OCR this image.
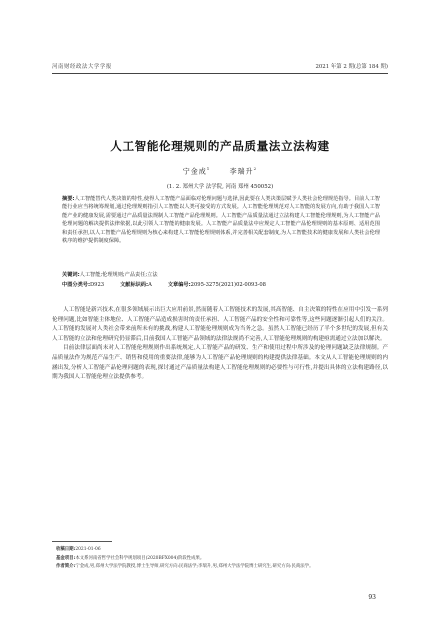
河南财经政法大学学报	2021 年第 2 期(总第 184 期)
人工智能伦理规则的产品质量法立法构建
宁金成$^1$	李瑞升$^2$
(1. 2. 郑州大学 法学院, 河南 郑州 450052)
摘要:人工智能替代人类决策的特性,使得人工智能产品面临对伦理问题与选择,因此要在人类决策层赋予人类社会伦理规范指导。目前人工智能行业应当将统筹规划,通过伦理规则指引人工智能以人类可接受的方式发展。人工智能伦理规范对人工智能的发展方向,有助于我国人工智能产业的健康发展,需要通过产品质量法规制人工智能产品伦理规则。人工智能产品质量法通过立法构建人工智能伦理规则,为人工智能产品伦理问题的解决提供法律依据,以此引领人工智能的健康发展。人工智能产品质量法中应规定人工智能产品伦理规则的基本原则、适用范围和责任承担,以人工智能产品伦理规则为核心来构建人工智能伦理规则体系,并完善相关配套制度,为人工智能技术的健康发展和人类社会伦理秩序的维护提供制度保障。
关键词:人工智能;伦理规则;产品责任;立法
中图分类号:D923	文献标识码:A	文章编号:2095-3275(2021)02-0093-08

人工智能是新兴技术,在很多领域展示出巨大应用前景,然而随着人工智能技术的发展,其高智能、自主决策的特性在应用中引发一系列伦理问题,比如智能主体地位、人工智能产品造成损害时的责任承担、人工智能产品的安全性和可靠性等,这些问题逐渐引起人们的关注。人工智能的发展对人类社会带来前所未有的挑战,构建人工智能伦理规则成为当务之急。虽然人工智能已经历了半个多世纪的发展,但有关人工智能的立法和伦理研究仍显滞后,目前我国人工智能产品领域的法律法规尚不完善,人工智能伦理规则的构建亟需通过立法加以解决。

目前法律层面尚未对人工智能伦理规则作出系统规定,人工智能产品的研发、生产和使用过程中所涉及的伦理问题缺乏法律规制。产品质量法作为规范产品生产、销售和使用的重要法律,能够为人工智能产品伦理规则的构建提供法律基础。本文从人工智能伦理规则的内涵出发,分析人工智能产品伦理问题的表现,探讨通过产品质量法构建人工智能伦理规则的必要性与可行性,并提出具体的立法构建路径,以期为我国人工智能伦理立法提供参考。

收稿日期:2021-01-06
基金项目:本文系河南省哲学社会科学规划项目(2020BFX004)阶段性成果。
作者简介:宁金成,男,郑州大学法学院教授,博士生导师,研究方向:民商法学;李瑞升,男,郑州大学法学院博士研究生,研究方向:民商法学。
93
